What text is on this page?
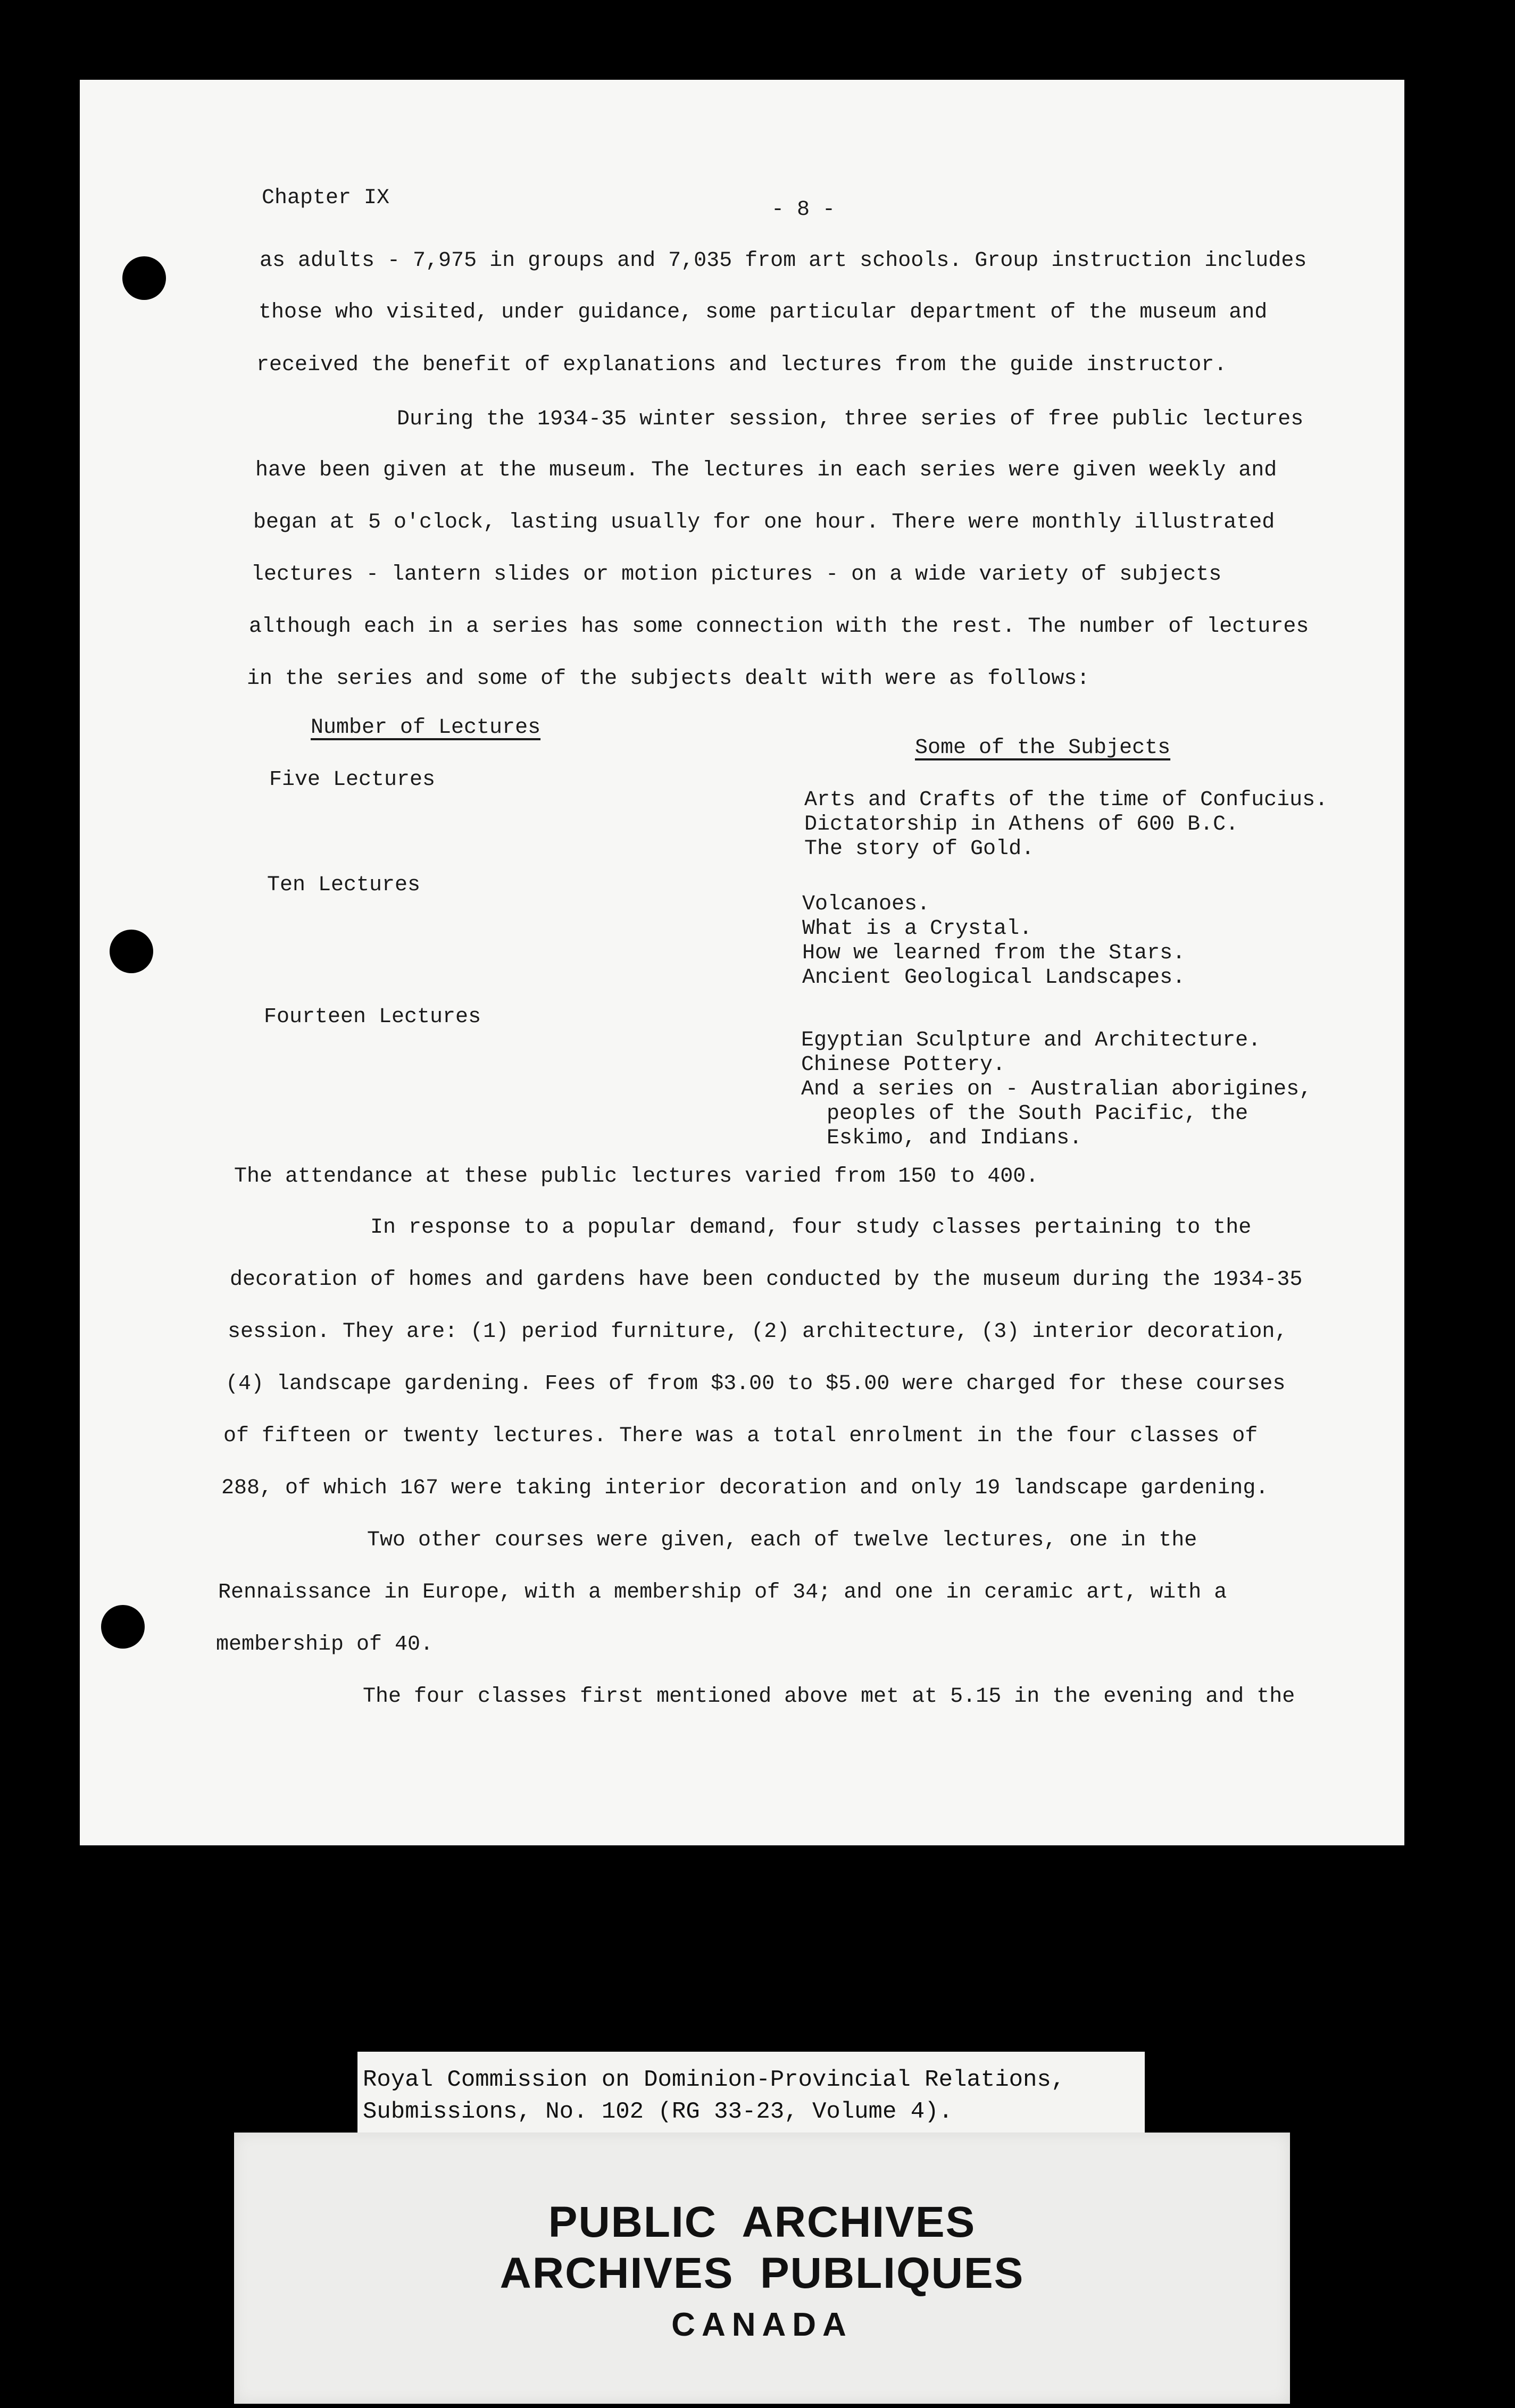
Chapter IX	- 8 -
as adults - 7,975 in groups and 7,035 from art schools. Group instruction includes
those who visited, under guidance, some particular department of the museum and
received the benefit of explanations and lectures from the guide instructor.
During the 1934-35 winter session, three series of free public lectures
have been given at the museum. The lectures in each series were given weekly and
began at 5 o'clock, lasting usually for one hour. There were monthly illustrated
lectures - lantern slides or motion pictures - on a wide variety of subjects
although each in a series has some connection with the rest. The number of lectures
in the series and some of the subjects dealt with were as follows:
Number of Lectures
Some of the Subjects
Five Lectures
Arts and Crafts of the time of Confucius.
Dictatorship in Athens of 600 B.C.
The story of Gold.
Ten Lectures
Volcanoes.
What is a Crystal.
How we learned from the Stars.
Ancient Geological Landscapes.
Fourteen Lectures
Egyptian Sculpture and Architecture.
Chinese Pottery.
And a series on - Australian aborigines,
peoples of the South Pacific, the
Eskimo, and Indians.
The attendance at these public lectures varied from 150 to 400.
In response to a popular demand, four study classes pertaining to the
decoration of homes and gardens have been conducted by the museum during the 1934-35
session. They are: (1) period furniture, (2) architecture, (3) interior decoration,
(4) landscape gardening. Fees of from $3.00 to $5.00 were charged for these courses
of fifteen or twenty lectures. There was a total enrolment in the four classes of
288, of which 167 were taking interior decoration and only 19 landscape gardening.
Two other courses were given, each of twelve lectures, one in the
Rennaissance in Europe, with a membership of 34; and one in ceramic art, with a
membership of 40.
The four classes first mentioned above met at 5.15 in the evening and the
Royal Commission on Dominion-Provincial Relations,
Submissions, No. 102 (RG 33-23, Volume 4).
PUBLIC  ARCHIVES
ARCHIVES  PUBLIQUES
CANADA
